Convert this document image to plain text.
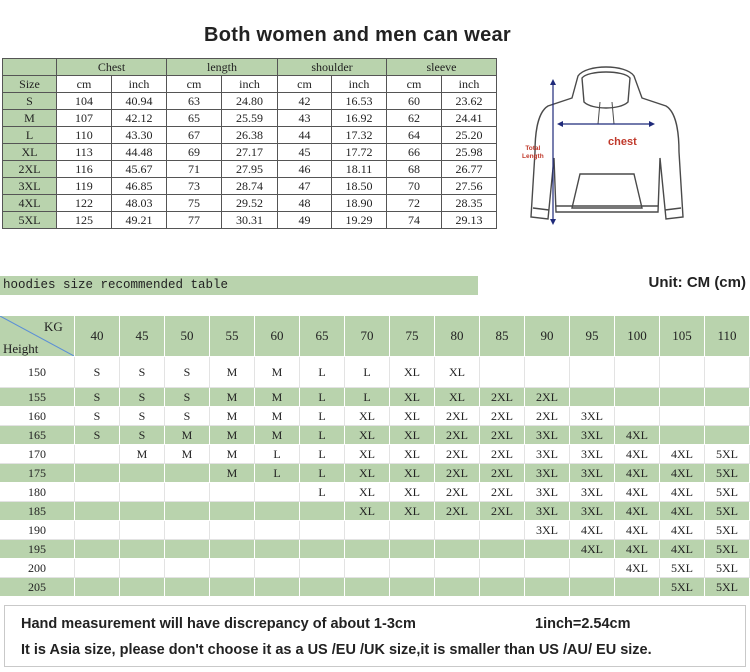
Both women and men can wear
	Chest		length		shoulder		sleeve	
Size	cm	inch	cm	inch	cm	inch	cm	inch
S	104	40.94	63	24.80	42	16.53	60	23.62
M	107	42.12	65	25.59	43	16.92	62	24.41
L	110	43.30	67	26.38	44	17.32	64	25.20
XL	113	44.48	69	27.17	45	17.72	66	25.98
2XL	116	45.67	71	27.95	46	18.11	68	26.77
3XL	119	46.85	73	28.74	47	18.50	70	27.56
4XL	122	48.03	75	29.52	48	18.90	72	28.35
5XL	125	49.21	77	30.31	49	19.29	74	29.13
chest
Total
Length
hoodies size recommended table	Unit: CM (cm)
KG
Height	40	45	50	55	60	65	70	75	80	85	90	95	100	105	110
150	S	S	S	M	M	L	L	XL	XL						
155	S	S	S	M	M	L	L	XL	XL	2XL	2XL				
160	S	S	S	M	M	L	XL	XL	2XL	2XL	2XL	3XL			
165	S	S	M	M	M	L	XL	XL	2XL	2XL	3XL	3XL	4XL		
170		M	M	M	L	L	XL	XL	2XL	2XL	3XL	3XL	4XL	4XL	5XL
175				M	L	L	XL	XL	2XL	2XL	3XL	3XL	4XL	4XL	5XL
180						L	XL	XL	2XL	2XL	3XL	3XL	4XL	4XL	5XL
185							XL	XL	2XL	2XL	3XL	3XL	4XL	4XL	5XL
190											3XL	4XL	4XL	4XL	5XL
195												4XL	4XL	4XL	5XL
200													4XL	5XL	5XL
205														5XL	5XL
Hand measurement will have discrepancy of about 1-3cm	1inch=2.54cm
It is Asia size, please don't choose it as a US /EU /UK size,it is smaller than US /AU/ EU size.
